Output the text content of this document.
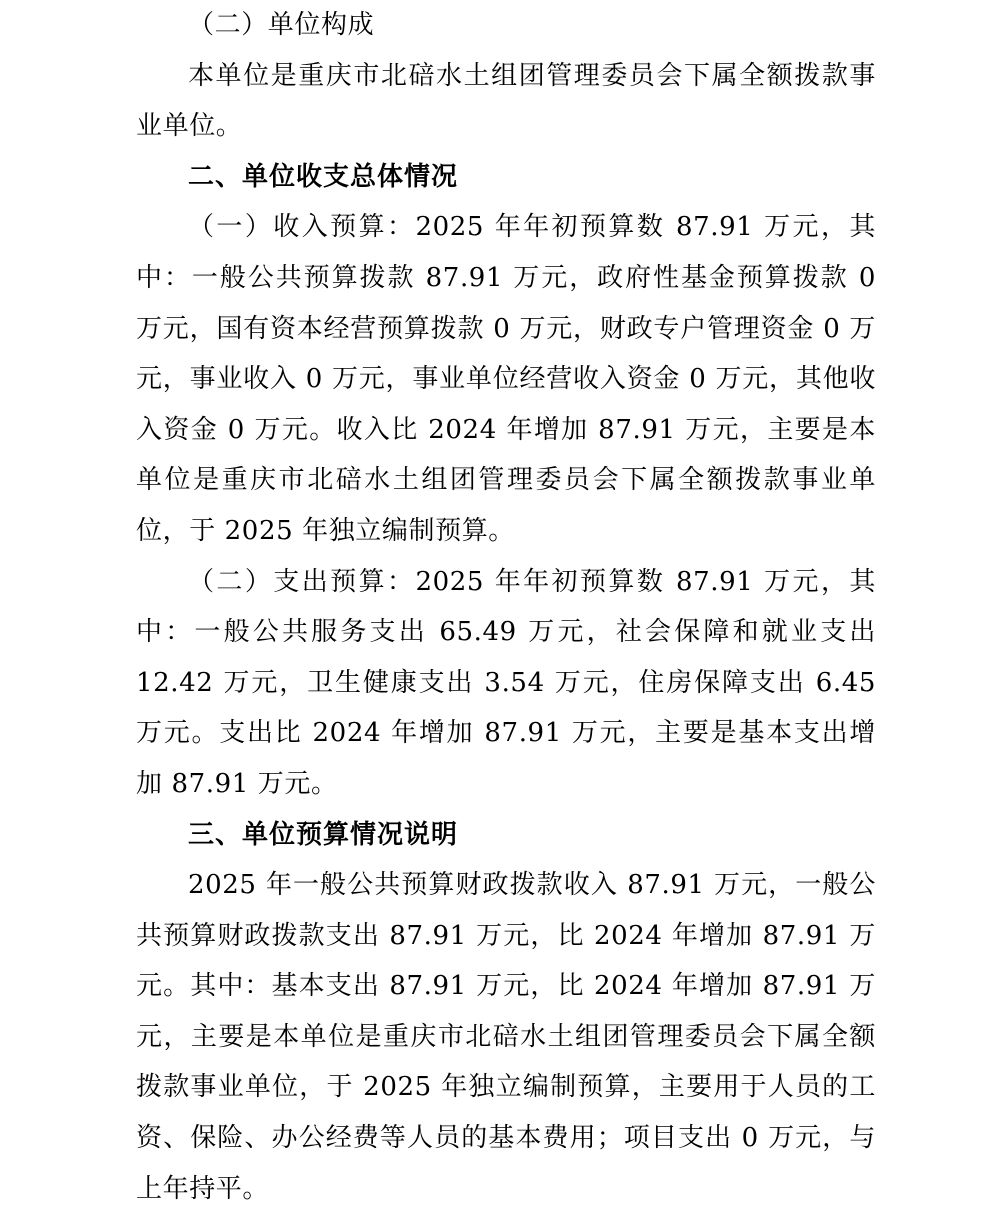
（二）单位构成

本单位是重庆市北碚水土组团管理委员会下属全额拨款事业单位。

二、单位收支总体情况

（一）收入预算：2025 年年初预算数 87.91 万元，其中：一般公共预算拨款 87.91 万元，政府性基金预算拨款 0 万元，国有资本经营预算拨款 0 万元，财政专户管理资金 0 万元，事业收入 0 万元，事业单位经营收入资金 0 万元，其他收入资金 0 万元。收入比 2024 年增加 87.91 万元，主要是本单位是重庆市北碚水土组团管理委员会下属全额拨款事业单位，于 2025 年独立编制预算。

（二）支出预算：2025 年年初预算数 87.91 万元，其中：一般公共服务支出 65.49 万元，社会保障和就业支出 12.42 万元，卫生健康支出 3.54 万元，住房保障支出 6.45 万元。支出比 2024 年增加 87.91 万元，主要是基本支出增加 87.91 万元。

三、单位预算情况说明

2025 年一般公共预算财政拨款收入 87.91 万元，一般公共预算财政拨款支出 87.91 万元，比 2024 年增加 87.91 万元。其中：基本支出 87.91 万元，比 2024 年增加 87.91 万元，主要是本单位是重庆市北碚水土组团管理委员会下属全额拨款事业单位，于 2025 年独立编制预算，主要用于人员的工资、保险、办公经费等人员的基本费用；项目支出 0 万元，与上年持平。
